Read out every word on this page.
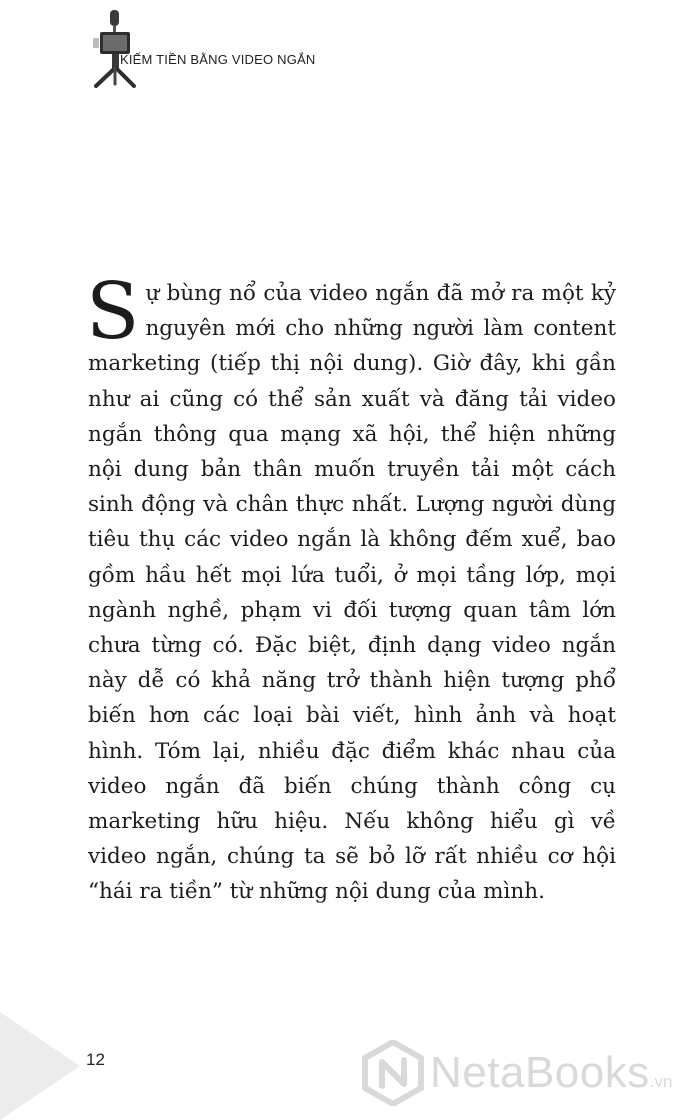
KIẾM TIỀN BẰNG VIDEO NGẮN
Sự bùng nổ của video ngắn đã mở ra một kỷ nguyên mới cho những người làm content marketing (tiếp thị nội dung). Giờ đây, khi gần như ai cũng có thể sản xuất và đăng tải video ngắn thông qua mạng xã hội, thể hiện những nội dung bản thân muốn truyền tải một cách sinh động và chân thực nhất. Lượng người dùng tiêu thụ các video ngắn là không đếm xuể, bao gồm hầu hết mọi lứa tuổi, ở mọi tầng lớp, mọi ngành nghề, phạm vi đối tượng quan tâm lớn chưa từng có. Đặc biệt, định dạng video ngắn này dễ có khả năng trở thành hiện tượng phổ biến hơn các loại bài viết, hình ảnh và hoạt hình. Tóm lại, nhiều đặc điểm khác nhau của video ngắn đã biến chúng thành công cụ marketing hữu hiệu. Nếu không hiểu gì về video ngắn, chúng ta sẽ bỏ lỡ rất nhiều cơ hội “hái ra tiền” từ những nội dung của mình.
12	NetaBooks.vn
